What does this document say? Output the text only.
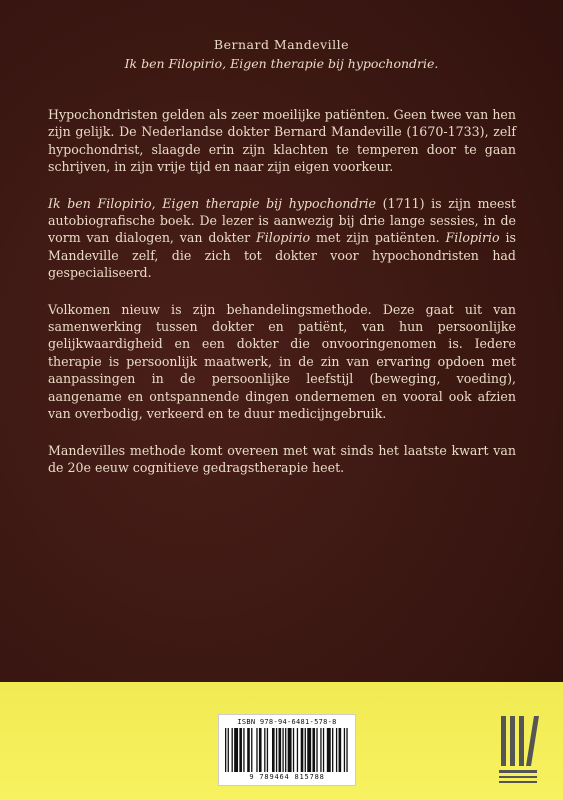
Bernard Mandeville
Ik ben Filopirio, Eigen therapie bij hypochondrie.

Hypochondristen gelden als zeer moeilijke patiënten. Geen twee van hen zijn gelijk. De Nederlandse dokter Bernard Mandeville (1670-1733), zelf hypochondrist, slaagde erin zijn klachten te temperen door te gaan schrijven, in zijn vrije tijd en naar zijn eigen voorkeur.

Ik ben Filopirio, Eigen therapie bij hypochondrie (1711) is zijn meest autobiografische boek. De lezer is aanwezig bij drie lange sessies, in de vorm van dialogen, van dokter Filopirio met zijn patiënten. Filopirio is Mandeville zelf, die zich tot dokter voor hypochondristen had gespecialiseerd.

Volkomen nieuw is zijn behandelingsmethode. Deze gaat uit van samenwerking tussen dokter en patiënt, van hun persoonlijke gelijkwaardigheid en een dokter die onvooringenomen is. Iedere therapie is persoonlijk maatwerk, in de zin van ervaring opdoen met aanpassingen in de persoonlijke leefstijl (beweging, voeding), aangename en ontspannende dingen ondernemen en vooral ook afzien van overbodig, verkeerd en te duur medicijngebruik.

Mandevilles methode komt overeen met wat sinds het laatste kwart van de 20e eeuw cognitieve gedragstherapie heet.

ISBN 978-94-6481-578-8
9 789464 815788
